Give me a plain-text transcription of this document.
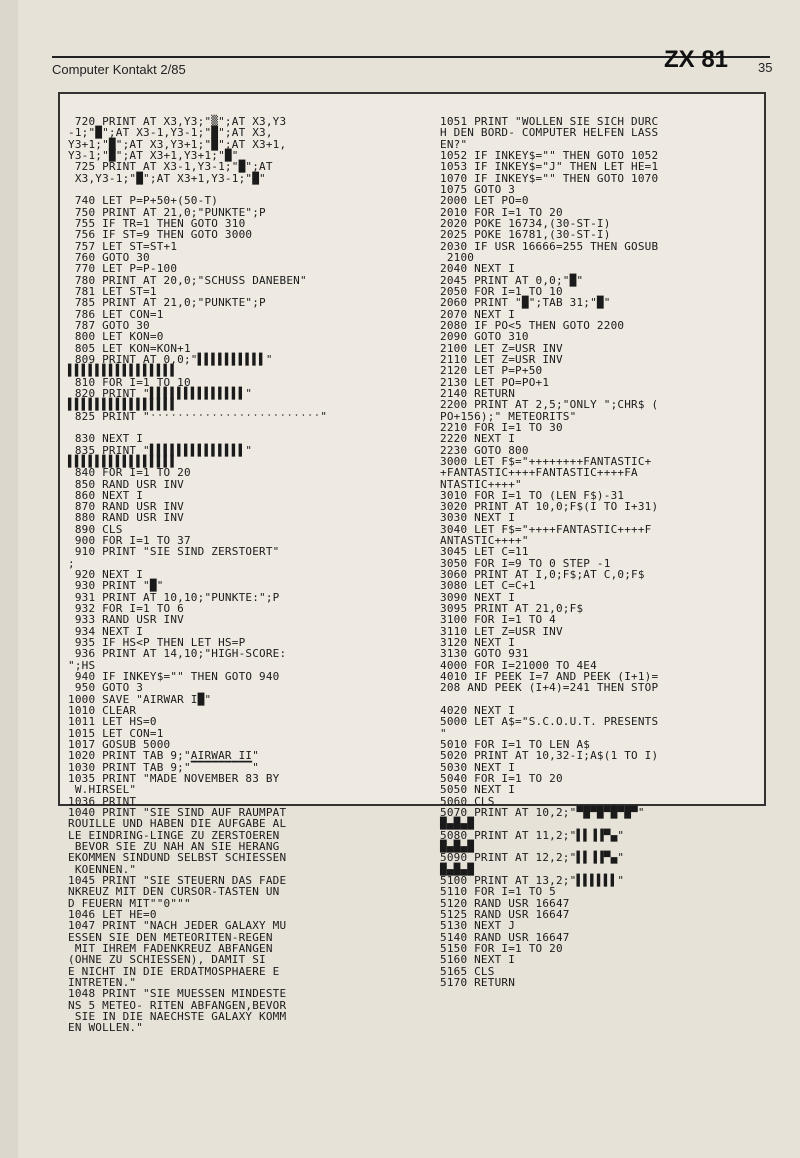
Computer Kontakt 2/85	ZX 81 35
720 PRINT AT X3,Y3;"▒";AT X3,Y3
-1;"█";AT X3-1,Y3-1;"█";AT X3,
Y3+1;"█";AT X3,Y3+1;"█";AT X3+1,
Y3-1;"█";AT X3+1,Y3+1;"█"
725 PRINT AT X3-1,Y3-1;"█";AT
X3,Y3-1;"█";AT X3+1,Y3-1;"█"
740 LET P=P+50+(50-T)
750 PRINT AT 21,0;"PUNKTE";P
755 IF TR=1 THEN GOTO 310
756 IF ST=9 THEN GOTO 3000
757 LET ST=ST+1
760 GOTO 30
770 LET P=P-100
780 PRINT AT 20,0;"SCHUSS DANEBEN"
781 LET ST=1
785 PRINT AT 21,0;"PUNKTE";P
786 LET CON=1
787 GOTO 30
800 LET KON=0
805 LET KON=KON+1
809 PRINT AT 0,0;"▌▌▌▌▌▌▌▌▌▌"
▌▌▌▌▌▌▌▌▌▌▌▌▌▌▌▌
810 FOR I=1 TO 10
820 PRINT "▌▌▌▌▌▌▌▌▌▌▌▌▌▌"
▌▌▌▌▌▌▌▌▌▌▌▌▌▌▌▌
825 PRINT "ˑˑˑˑˑˑˑˑˑˑˑˑˑˑˑˑˑˑˑˑˑˑˑˑˑ"
830 NEXT I
835 PRINT "▌▌▌▌▌▌▌▌▌▌▌▌▌▌"
▌▌▌▌▌▌▌▌▌▌▌▌▌▌▌▌
840 FOR I=1 TO 20
850 RAND USR INV
860 NEXT I
870 RAND USR INV
880 RAND USR INV
890 CLS
900 FOR I=1 TO 37
910 PRINT "SIE SIND ZERSTOERT"
;
920 NEXT I
930 PRINT "█"
931 PRINT AT 10,10;"PUNKTE:";P
932 FOR I=1 TO 6
933 RAND USR INV
934 NEXT I
935 IF HS<P THEN LET HS=P
936 PRINT AT 14,10;"HIGH-SCORE:
";HS
940 IF INKEY$="" THEN GOTO 940
950 GOTO 3
1000 SAVE "AIRWAR I█"
1010 CLEAR
1011 LET HS=0
1015 LET CON=1
1017 GOSUB 5000
1020 PRINT TAB 9;"AIRWAR II"
1030 PRINT TAB 9;"▔▔▔▔▔▔▔▔▔"
1035 PRINT "MADE NOVEMBER 83 BY
W.HIRSEL"
1036 PRINT
1040 PRINT "SIE SIND AUF RAUMPAT
ROUILLE UND HABEN DIE AUFGABE AL
LE EINDRING-LINGE ZU ZERSTOEREN
BEVOR SIE ZU NAH AN SIE HERANG
EKOMMEN SINDUND SELBST SCHIESSEN
KOENNEN."
1045 PRINT "SIE STEUERN DAS FADE
NKREUZ MIT DEN CURSOR-TASTEN UN
D FEUERN MIT""0"""
1046 LET HE=0
1047 PRINT "NACH JEDER GALAXY MU
ESSEN SIE DEN METEORITEN-REGEN
MIT IHREM FADENKREUZ ABFANGEN
(OHNE ZU SCHIESSEN), DAMIT SI
E NICHT IN DIE ERDATMOSPHAERE E
INTRETEN."
1048 PRINT "SIE MUESSEN MINDESTE
NS 5 METEO- RITEN ABFANGEN,BEVOR
SIE IN DIE NAECHSTE GALAXY KOMM
EN WOLLEN."
1051 PRINT "WOLLEN SIE SICH DURC
H DEN BORD- COMPUTER HELFEN LASS
EN?"
1052 IF INKEY$="" THEN GOTO 1052
1053 IF INKEY$="J" THEN LET HE=1
1070 IF INKEY$="" THEN GOTO 1070
1075 GOTO 3
2000 LET PO=0
2010 FOR I=1 TO 20
2020 POKE 16734,(30-ST-I)
2025 POKE 16781,(30-ST-I)
2030 IF USR 16666=255 THEN GOSUB
2100
2040 NEXT I
2045 PRINT AT 0,0;"█"
2050 FOR I=1 TO 10
2060 PRINT "█";TAB 31;"█"
2070 NEXT I
2080 IF PO<5 THEN GOTO 2200
2090 GOTO 310
2100 LET Z=USR INV
2110 LET Z=USR INV
2120 LET P=P+50
2130 LET PO=PO+1
2140 RETURN
2200 PRINT AT 2,5;"ONLY ";CHR$ (
PO+156);" METEORITS"
2210 FOR I=1 TO 30
2220 NEXT I
2230 GOTO 800
3000 LET F$="++++++++FANTASTIC+
+FANTASTIC++++FANTASTIC++++FA
NTASTIC++++"
3010 FOR I=1 TO (LEN F$)-31
3020 PRINT AT 10,0;F$(I TO I+31)
3030 NEXT I
3040 LET F$="++++FANTASTIC++++F
ANTASTIC++++"
3045 LET C=11
3050 FOR I=9 TO 0 STEP -1
3060 PRINT AT I,0;F$;AT C,0;F$
3080 LET C=C+1
3090 NEXT I
3095 PRINT AT 21,0;F$
3100 FOR I=1 TO 4
3110 LET Z=USR INV
3120 NEXT I
3130 GOTO 931
4000 FOR I=21000 TO 4E4
4010 IF PEEK I=7 AND PEEK (I+1)=
208 AND PEEK (I+4)=241 THEN STOP
4020 NEXT I
5000 LET A$="S.C.O.U.T. PRESENTS
"
5010 FOR I=1 TO LEN A$
5020 PRINT AT 10,32-I;A$(1 TO I)
5030 NEXT I
5040 FOR I=1 TO 20
5050 NEXT I
5060 CLS
5070 PRINT AT 10,2;"▀█▀█▀█▀█▀"
█▄█▄█
5080 PRINT AT 11,2;"▌▌▐▐▀▄"
█▄█▄█
5090 PRINT AT 12,2;"▌▌▐▐▀▄"
█▄█▄█
5100 PRINT AT 13,2;"▌▌▌▌▌▌"
5110 FOR I=1 TO 5
5120 RAND USR 16647
5125 RAND USR 16647
5130 NEXT J
5140 RAND USR 16647
5150 FOR I=1 TO 20
5160 NEXT I
5165 CLS
5170 RETURN
